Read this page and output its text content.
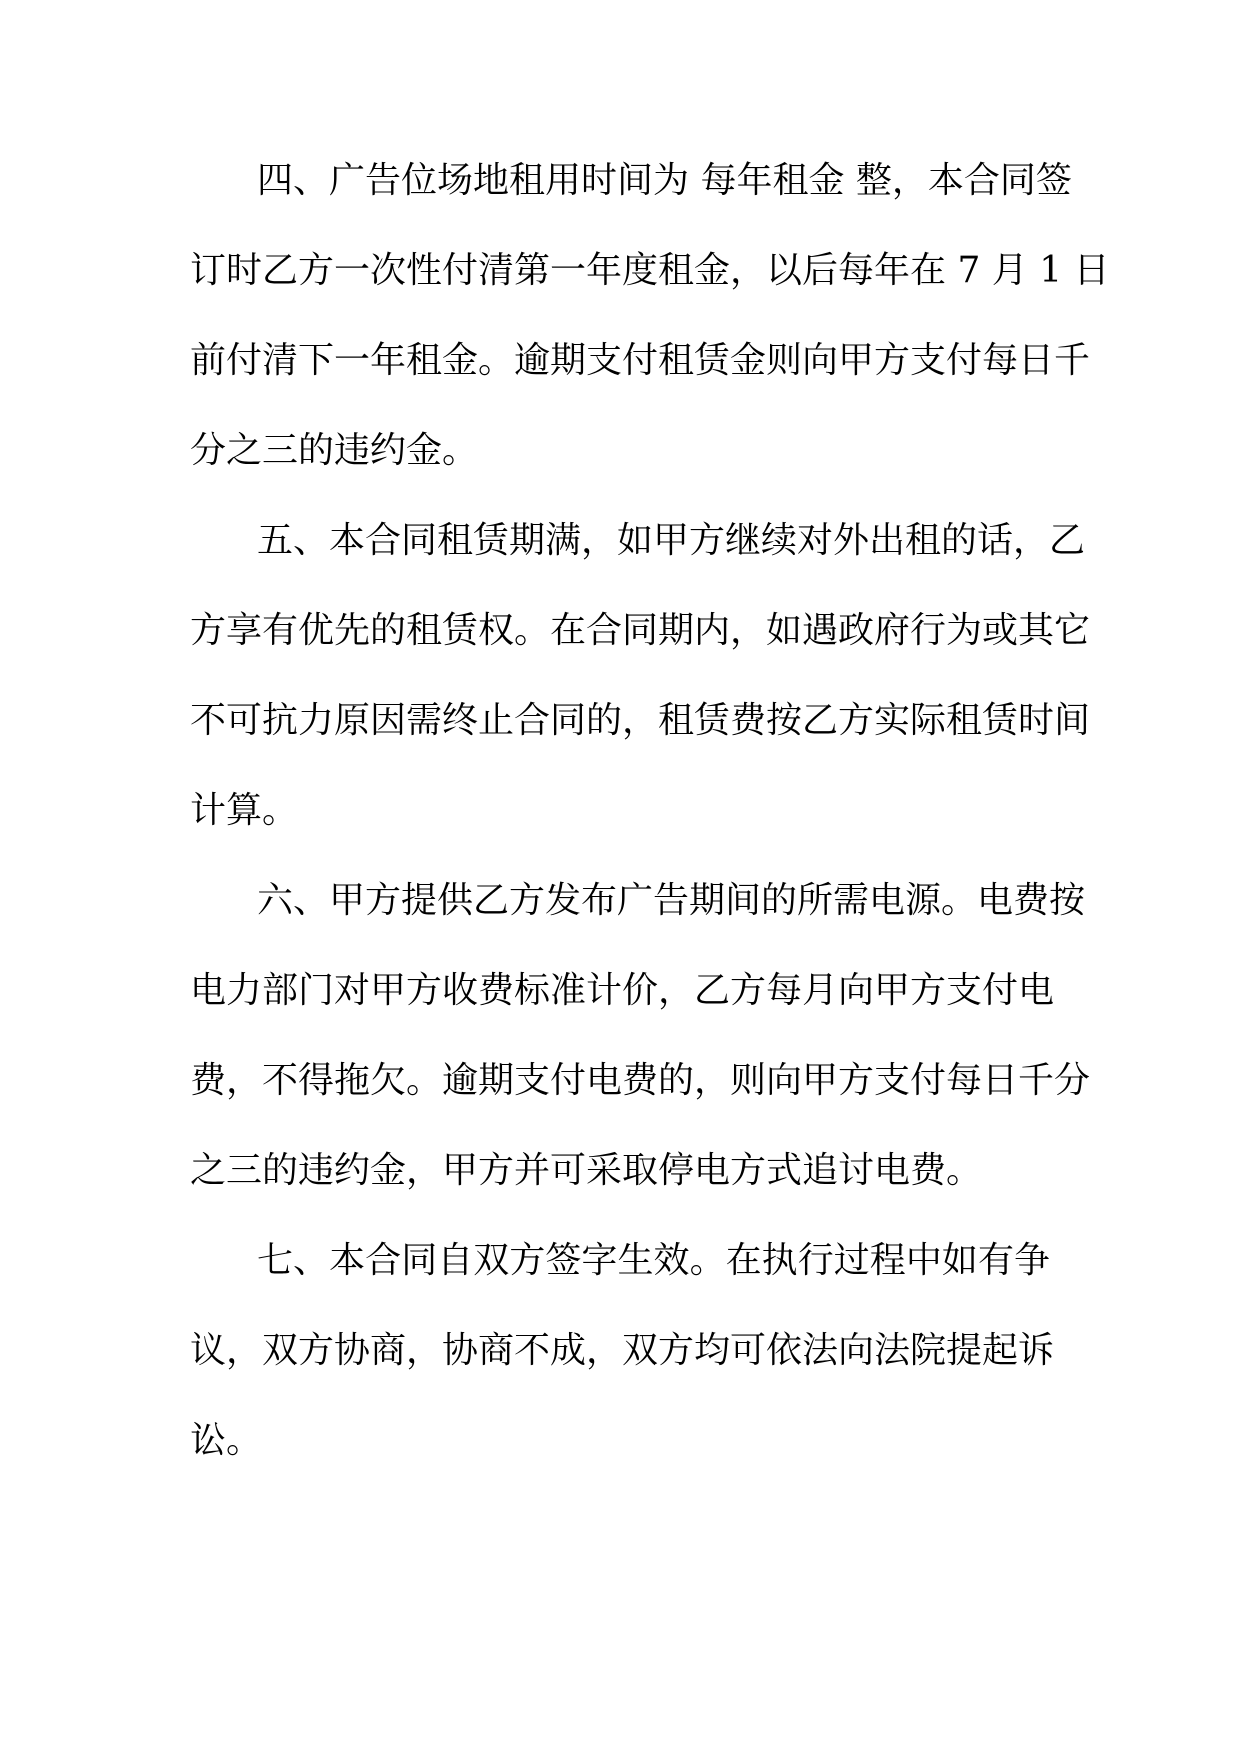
四、广告位场地租用时间为 每年租金 整，本合同签
订时乙方一次性付清第一年度租金，以后每年在 7 月 1 日
前付清下一年租金。逾期支付租赁金则向甲方支付每日千
分之三的违约金。
五、本合同租赁期满，如甲方继续对外出租的话，乙
方享有优先的租赁权。在合同期内，如遇政府行为或其它
不可抗力原因需终止合同的，租赁费按乙方实际租赁时间
计算。
六、甲方提供乙方发布广告期间的所需电源。电费按
电力部门对甲方收费标准计价，乙方每月向甲方支付电
费，不得拖欠。逾期支付电费的，则向甲方支付每日千分
之三的违约金，甲方并可采取停电方式追讨电费。
七、本合同自双方签字生效。在执行过程中如有争
议，双方协商，协商不成，双方均可依法向法院提起诉
讼。
